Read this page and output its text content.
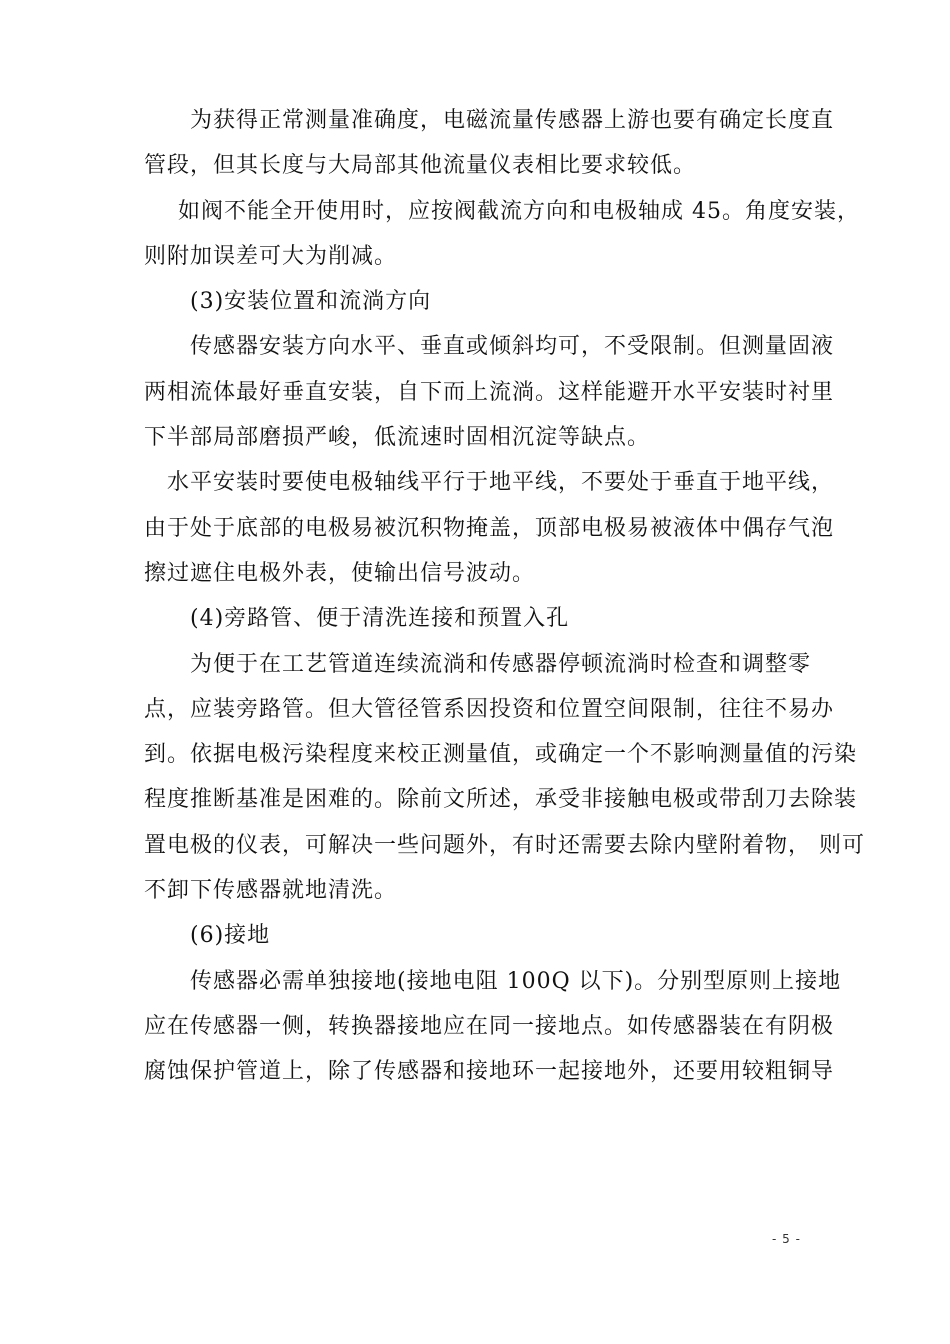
为获得正常测量准确度，电磁流量传感器上游也要有确定长度直
管段，但其长度与大局部其他流量仪表相比要求较低。
如阀不能全开使用时，应按阀截流方向和电极轴成 45。角度安装，
则附加误差可大为削减。
(3)安装位置和流淌方向
传感器安装方向水平、垂直或倾斜均可，不受限制。但测量固液
两相流体最好垂直安装，自下而上流淌。这样能避开水平安装时衬里
下半部局部磨损严峻，低流速时固相沉淀等缺点。
水平安装时要使电极轴线平行于地平线，不要处于垂直于地平线，
由于处于底部的电极易被沉积物掩盖，顶部电极易被液体中偶存气泡
擦过遮住电极外表，使输出信号波动。
(4)旁路管、便于清洗连接和预置入孔
为便于在工艺管道连续流淌和传感器停顿流淌时检查和调整零
点，应装旁路管。但大管径管系因投资和位置空间限制，往往不易办
到。依据电极污染程度来校正测量值，或确定一个不影响测量值的污染
程度推断基准是困难的。除前文所述，承受非接触电极或带刮刀去除装
置电极的仪表，可解决一些问题外，有时还需要去除内壁附着物， 则可
不卸下传感器就地清洗。
(6)接地
传感器必需单独接地(接地电阻 100Q 以下)。分别型原则上接地
应在传感器一侧，转换器接地应在同一接地点。如传感器装在有阴极
腐蚀保护管道上，除了传感器和接地环一起接地外，还要用较粗铜导
- 5 -
